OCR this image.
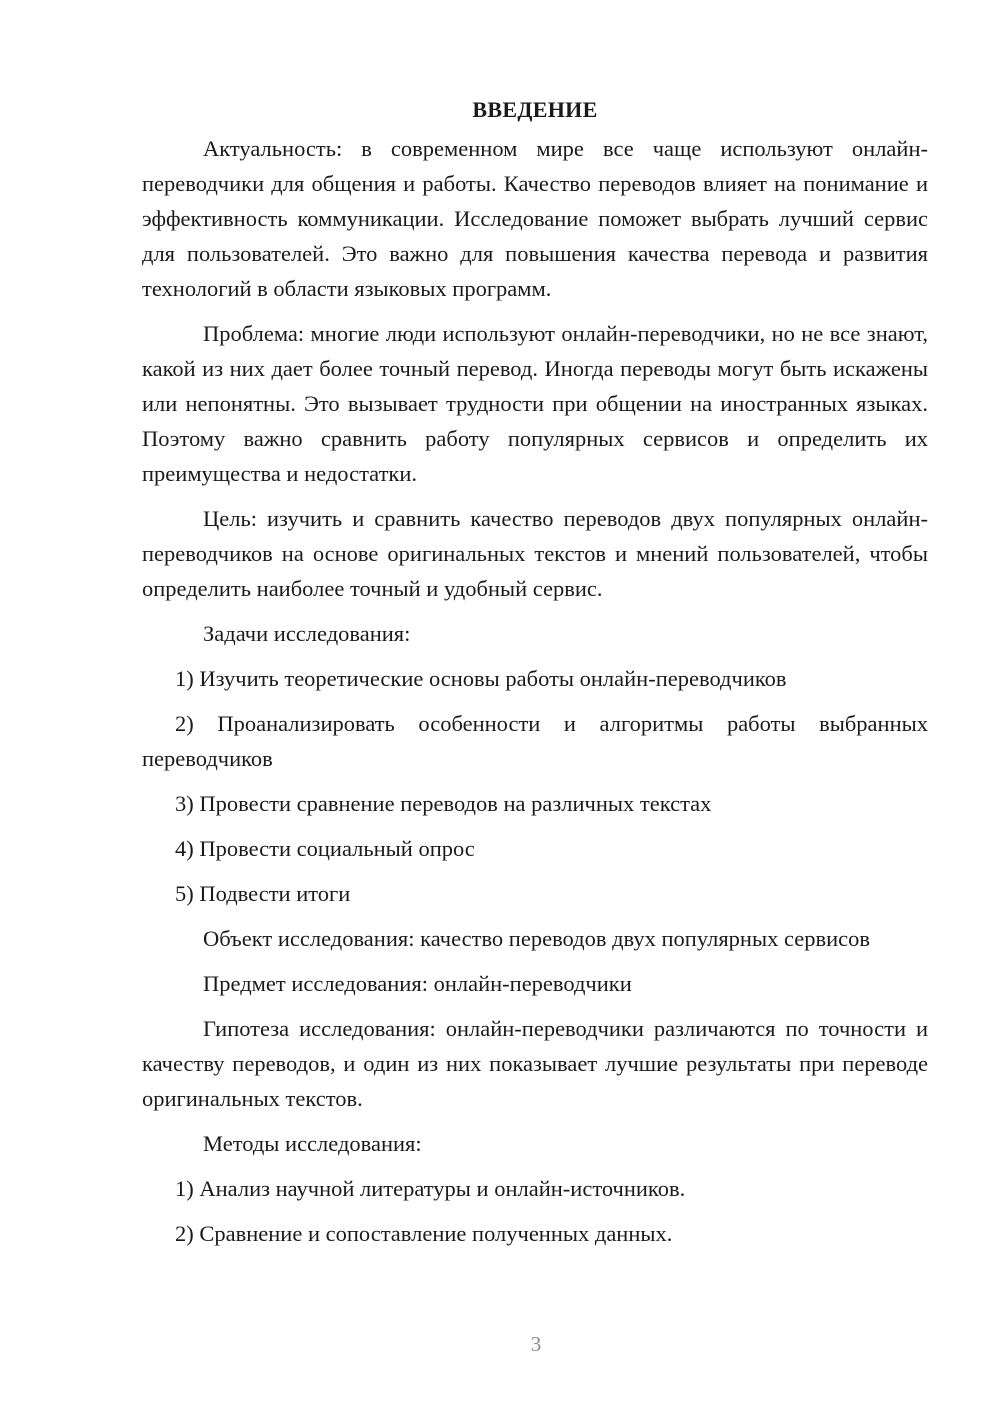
ВВЕДЕНИЕ

Актуальность: в современном мире все чаще используют онлайн-переводчики для общения и работы. Качество переводов влияет на понимание и эффективность коммуникации. Исследование поможет выбрать лучший сервис для пользователей. Это важно для повышения качества перевода и развития технологий в области языковых программ.

Проблема: многие люди используют онлайн-переводчики, но не все знают, какой из них дает более точный перевод. Иногда переводы могут быть искажены или непонятны. Это вызывает трудности при общении на иностранных языках. Поэтому важно сравнить работу популярных сервисов и определить их преимущества и недостатки.

Цель: изучить и сравнить качество переводов двух популярных онлайн-переводчиков на основе оригинальных текстов и мнений пользователей, чтобы определить наиболее точный и удобный сервис.

Задачи исследования:

1) Изучить теоретические основы работы онлайн-переводчиков

2) Проанализировать особенности и алгоритмы работы выбранных переводчиков

3) Провести сравнение переводов на различных текстах

4) Провести социальный опрос

5) Подвести итоги

Объект исследования: качество переводов двух популярных сервисов

Предмет исследования: онлайн-переводчики

Гипотеза исследования: онлайн-переводчики различаются по точности и качеству переводов, и один из них показывает лучшие результаты при переводе оригинальных текстов.

Методы исследования:

1) Анализ научной литературы и онлайн-источников.

2) Сравнение и сопоставление полученных данных.

3
